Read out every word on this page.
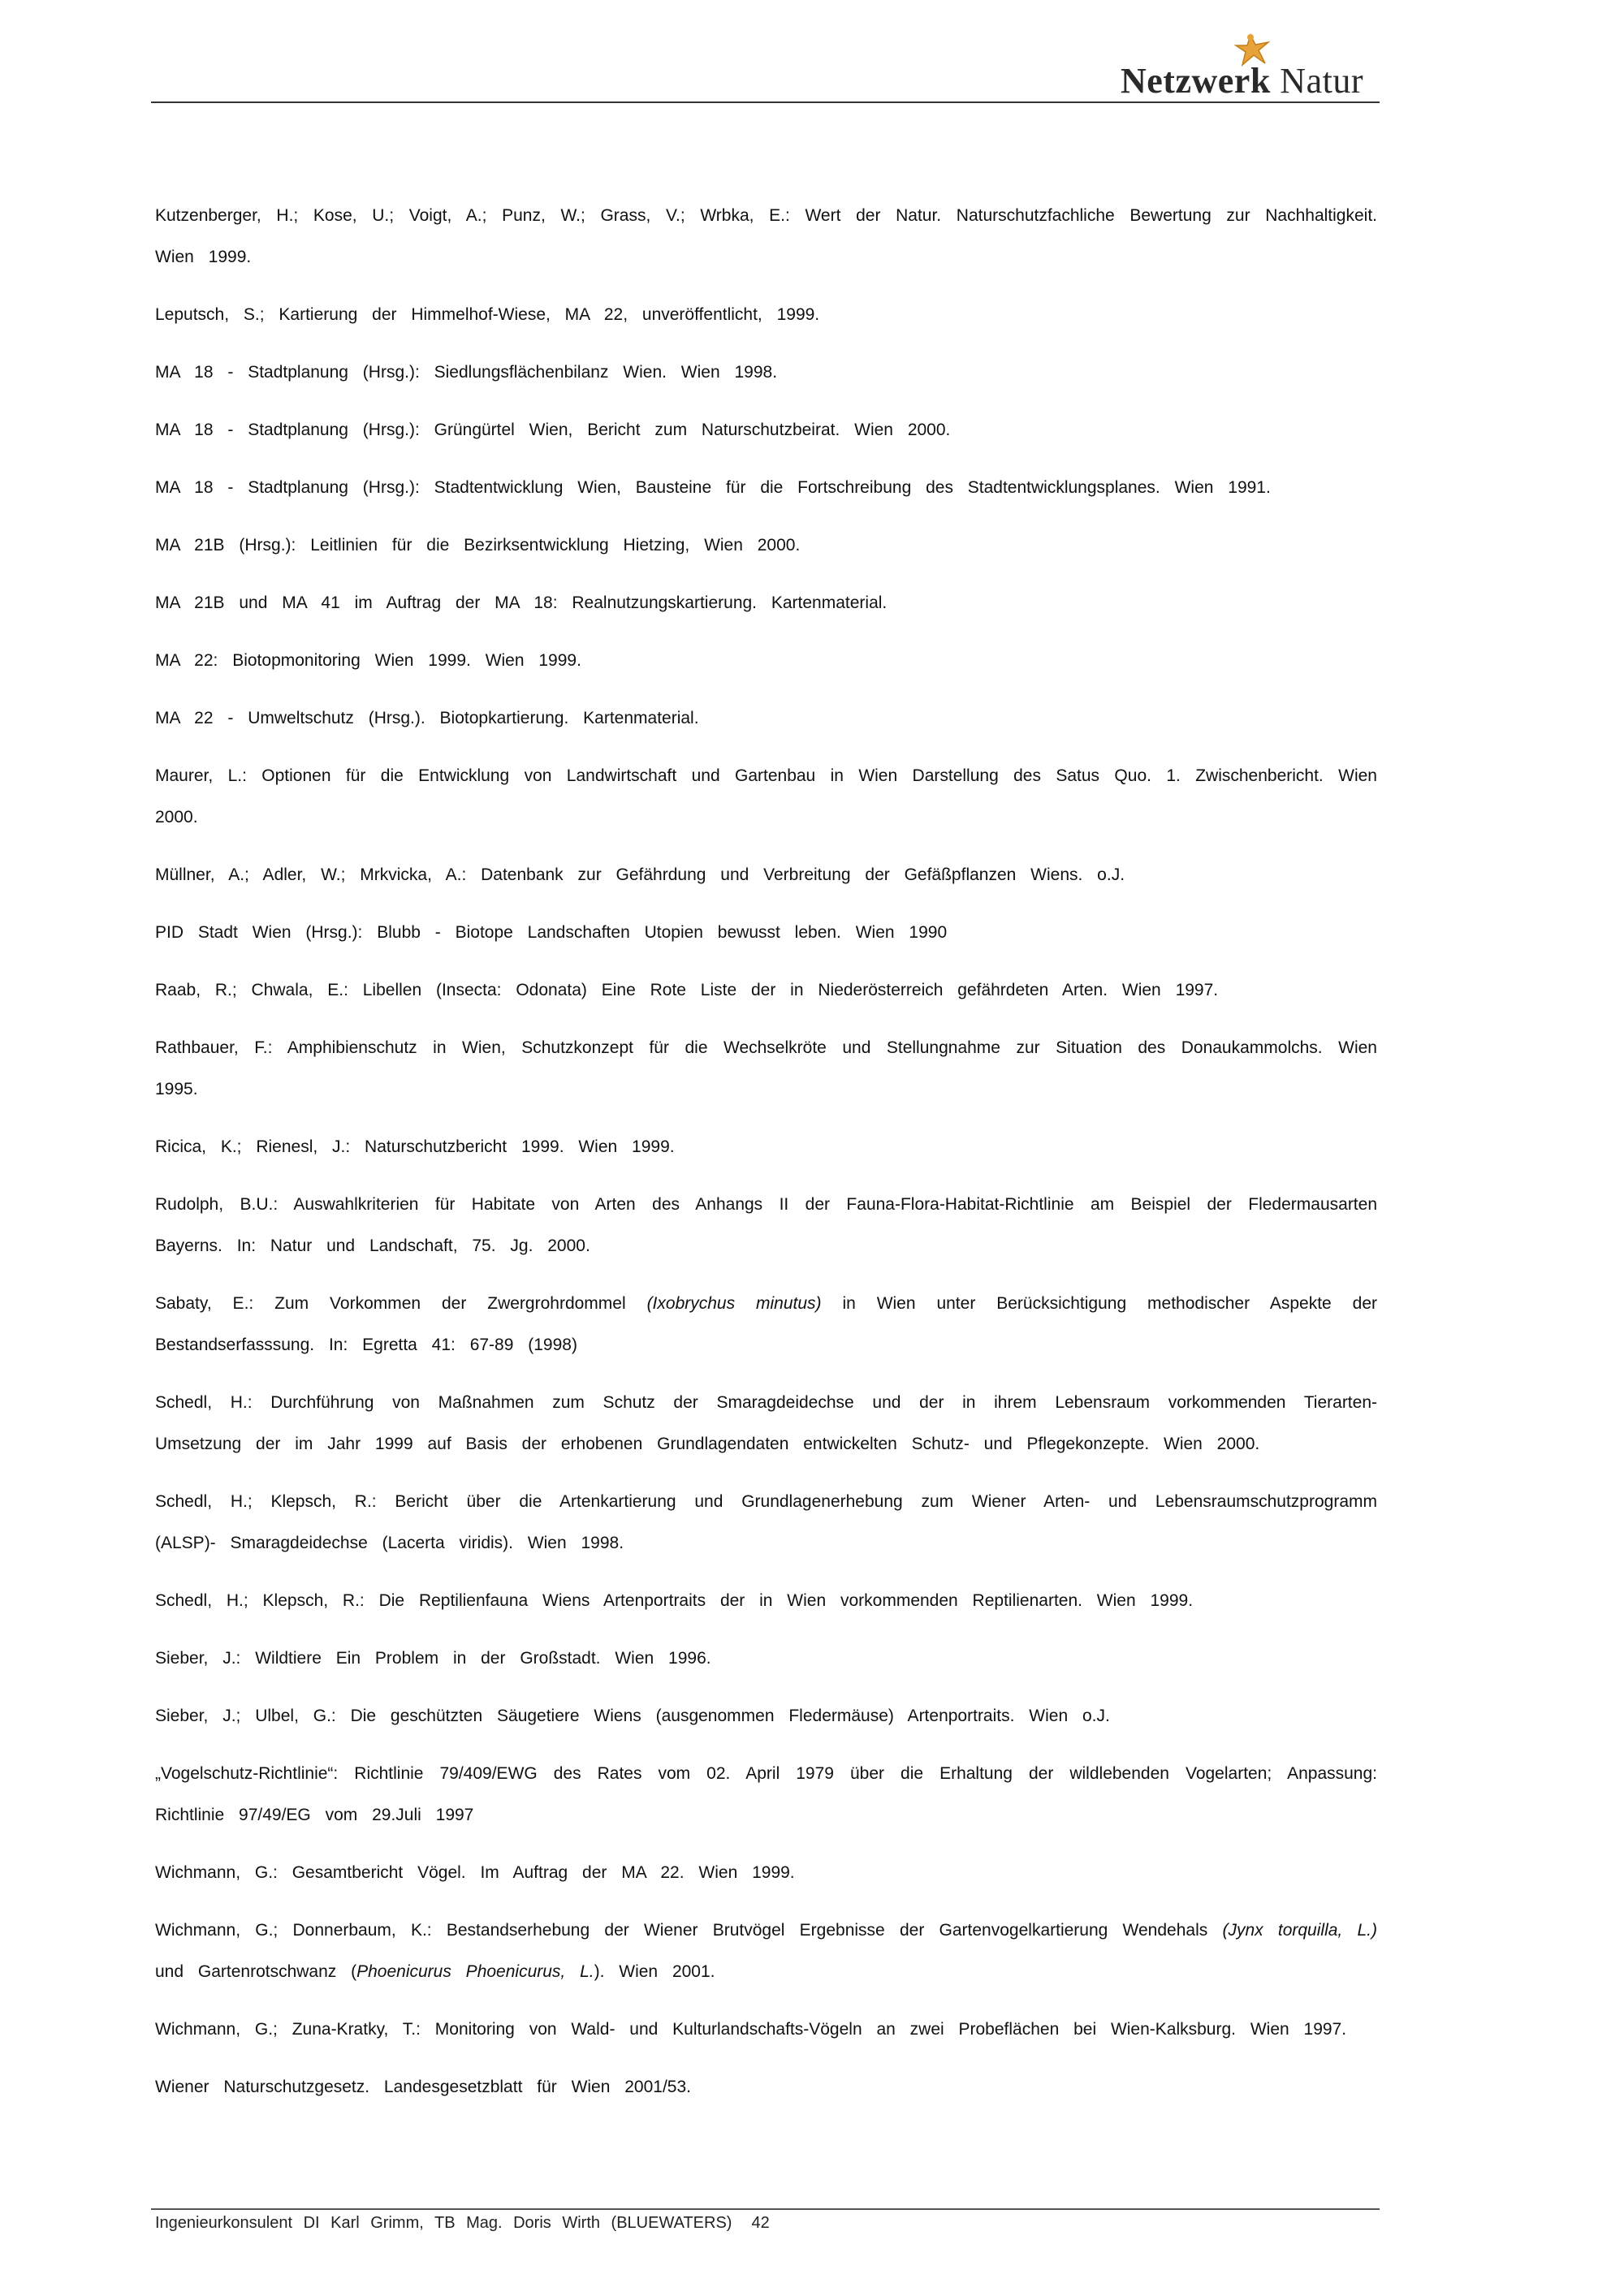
Netzwerk Natur

Kutzenberger, H.; Kose, U.; Voigt, A.; Punz, W.; Grass, V.; Wrbka, E.: Wert der Natur. Naturschutzfachliche Bewertung zur Nachhaltigkeit. Wien 1999.

Leputsch, S.; Kartierung der Himmelhof-Wiese, MA 22, unveröffentlicht, 1999.

MA 18 - Stadtplanung (Hrsg.): Siedlungsflächenbilanz Wien. Wien 1998.

MA 18 - Stadtplanung (Hrsg.): Grüngürtel Wien, Bericht zum Naturschutzbeirat. Wien 2000.

MA 18 - Stadtplanung (Hrsg.): Stadtentwicklung Wien, Bausteine für die Fortschreibung des Stadtentwicklungsplanes. Wien 1991.

MA 21B (Hrsg.): Leitlinien für die Bezirksentwicklung Hietzing, Wien 2000.

MA 21B und MA 41 im Auftrag der MA 18: Realnutzungskartierung. Kartenmaterial.

MA 22: Biotopmonitoring Wien 1999. Wien 1999.

MA 22 - Umweltschutz (Hrsg.). Biotopkartierung. Kartenmaterial.

Maurer, L.: Optionen für die Entwicklung von Landwirtschaft und Gartenbau in Wien Darstellung des Satus Quo. 1. Zwischenbericht. Wien 2000.

Müllner, A.; Adler, W.; Mrkvicka, A.: Datenbank zur Gefährdung und Verbreitung der Gefäßpflanzen Wiens. o.J.

PID Stadt Wien (Hrsg.): Blubb - Biotope Landschaften Utopien bewusst leben. Wien 1990

Raab, R.; Chwala, E.: Libellen (Insecta: Odonata) Eine Rote Liste der in Niederösterreich gefährdeten Arten. Wien 1997.

Rathbauer, F.: Amphibienschutz in Wien, Schutzkonzept für die Wechselkröte und Stellungnahme zur Situation des Donaukammolchs. Wien 1995.

Ricica, K.; Rienesl, J.: Naturschutzbericht 1999. Wien 1999.

Rudolph, B.U.: Auswahlkriterien für Habitate von Arten des Anhangs II der Fauna-Flora-Habitat-Richtlinie am Beispiel der Fledermausarten Bayerns. In: Natur und Landschaft, 75. Jg. 2000.

Sabaty, E.: Zum Vorkommen der Zwergrohrdommel (Ixobrychus minutus) in Wien unter Berücksichtigung methodischer Aspekte der Bestandserfasssung. In: Egretta 41: 67-89 (1998)

Schedl, H.: Durchführung von Maßnahmen zum Schutz der Smaragdeidechse und der in ihrem Lebensraum vorkommenden Tierarten-Umsetzung der im Jahr 1999 auf Basis der erhobenen Grundlagendaten entwickelten Schutz- und Pflegekonzepte. Wien 2000.

Schedl, H.; Klepsch, R.: Bericht über die Artenkartierung und Grundlagenerhebung zum Wiener Arten- und Lebensraumschutzprogramm (ALSP)- Smaragdeidechse (Lacerta viridis). Wien 1998.

Schedl, H.; Klepsch, R.: Die Reptilienfauna Wiens Artenportraits der in Wien vorkommenden Reptilienarten. Wien 1999.

Sieber, J.: Wildtiere Ein Problem in der Großstadt. Wien 1996.

Sieber, J.; Ulbel, G.: Die geschützten Säugetiere Wiens (ausgenommen Fledermäuse) Artenportraits. Wien o.J.

„Vogelschutz-Richtlinie“: Richtlinie 79/409/EWG des Rates vom 02. April 1979 über die Erhaltung der wildlebenden Vogelarten; Anpassung: Richtlinie 97/49/EG vom 29.Juli 1997

Wichmann, G.: Gesamtbericht Vögel. Im Auftrag der MA 22. Wien 1999.

Wichmann, G.; Donnerbaum, K.: Bestandserhebung der Wiener Brutvögel Ergebnisse der Gartenvogelkartierung Wendehals (Jynx torquilla, L.) und Gartenrotschwanz (Phoenicurus Phoenicurus, L.). Wien 2001.

Wichmann, G.; Zuna-Kratky, T.: Monitoring von Wald- und Kulturlandschafts-Vögeln an zwei Probeflächen bei Wien-Kalksburg. Wien 1997.

Wiener Naturschutzgesetz. Landesgesetzblatt für Wien 2001/53.

Ingenieurkonsulent DI Karl Grimm, TB Mag. Doris Wirth (BLUEWATERS) 42
